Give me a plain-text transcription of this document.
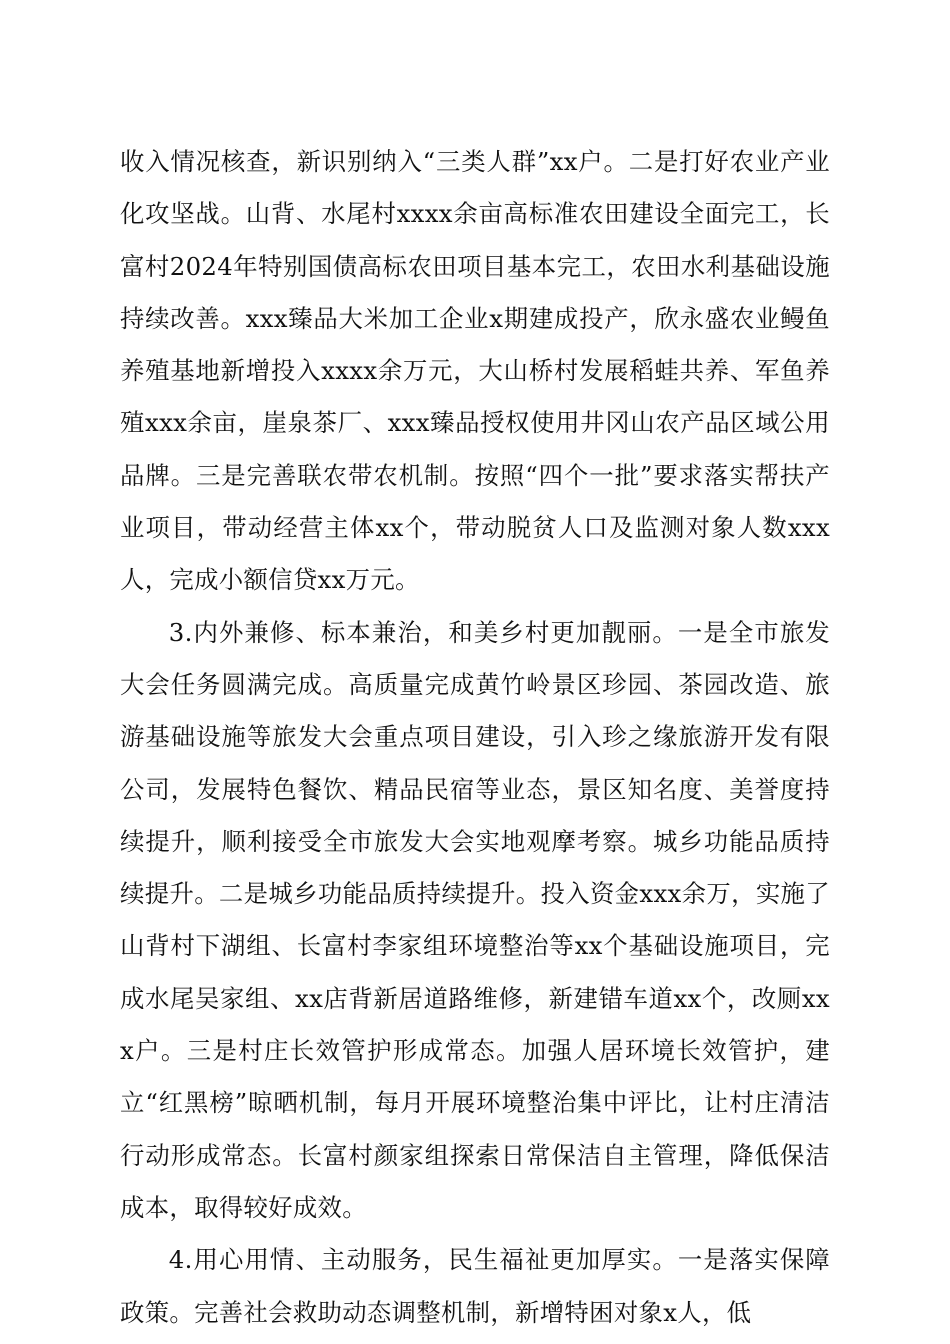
收入情况核查，新识别纳入“三类人群”xx户。二是打好农业产业化攻坚战。山背、水尾村xxxx余亩高标准农田建设全面完工，长富村2024年特别国债高标农田项目基本完工，农田水利基础设施持续改善。xxx臻品大米加工企业x期建成投产，欣永盛农业鳗鱼养殖基地新增投入xxxx余万元，大山桥村发展稻蛙共养、军鱼养殖xxx余亩，崖泉茶厂、xxx臻品授权使用井冈山农产品区域公用品牌。三是完善联农带农机制。按照“四个一批”要求落实帮扶产业项目，带动经营主体xx个，带动脱贫人口及监测对象人数xxx人，完成小额信贷xx万元。

3.内外兼修、标本兼治，和美乡村更加靓丽。一是全市旅发大会任务圆满完成。高质量完成黄竹岭景区珍园、茶园改造、旅游基础设施等旅发大会重点项目建设，引入珍之缘旅游开发有限公司，发展特色餐饮、精品民宿等业态，景区知名度、美誉度持续提升，顺利接受全市旅发大会实地观摩考察。城乡功能品质持续提升。二是城乡功能品质持续提升。投入资金xxx余万，实施了山背村下湖组、长富村李家组环境整治等xx个基础设施项目，完成水尾吴家组、xx店背新居道路维修，新建错车道xx个，改厕xxx户。三是村庄长效管护形成常态。加强人居环境长效管护，建立“红黑榜”晾晒机制，每月开展环境整治集中评比，让村庄清洁行动形成常态。长富村颜家组探索日常保洁自主管理，降低保洁成本，取得较好成效。

4.用心用情、主动服务，民生福祉更加厚实。一是落实保障政策。完善社会救助动态调整机制，新增特困对象x人，低
